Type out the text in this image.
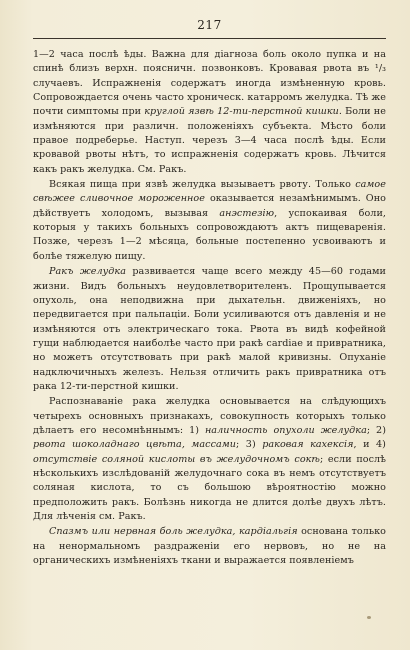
217

1—2 часа послѣ ѣды. Важна для діагноза боль около пупка и на спинѣ близъ верхн. поясничн. позвонковъ. Кровавая рвота въ ¹/₃ случаевъ. Испражненія содержатъ иногда измѣненную кровь. Сопровождается очень часто хроническ. катарромъ желудка. Тѣ же почти симптомы при круглой язвѣ 12-ти-перстной кишки. Боли не измѣняются при различн. положеніяхъ субъекта. Мѣсто боли правое подреберье. Наступ. черезъ 3—4 часа послѣ ѣды. Если кровавой рвоты нѣтъ, то испражненія содержатъ кровь. Лѣчится какъ ракъ желудка. См. Ракъ.

Всякая пища при язвѣ желудка вызываетъ рвоту. Только самое свѣжее сливочное мороженное оказывается незамѣнимымъ. Оно дѣйствуетъ холодомъ, вызывая анэстезію, успокаивая боли, которыя у такихъ больныхъ сопровождаютъ актъ пищеваренія. Позже, черезъ 1—2 мѣсяца, больные постепенно усвоиваютъ и болѣе тяжелую пищу.

Ракъ желудка развивается чаще всего между 45—60 годами жизни. Видъ больныхъ неудовлетворителенъ. Прощупывается опухоль, она неподвижна при дыхательн. движеніяхъ, но передвигается при пальпаціи. Боли усиливаются отъ давленія и не измѣняются отъ электрическаго тока. Рвота въ видѣ кофейной гущи наблюдается наиболѣе часто при ракѣ cardiae и привратника, но можетъ отсутствовать при ракѣ малой кривизны. Опуханіе надключичныхъ железъ. Нельзя отличить ракъ привратника отъ рака 12-ти-перстной кишки.

Распознаваніе рака желудка основывается на слѣдующихъ четырехъ основныхъ признакахъ, совокупность которыхъ только дѣлаетъ его несомнѣннымъ: 1) наличность опухоли желудка; 2) рвота шоколаднаго цвѣта, массами; 3) раковая кахексія, и 4) отсутствіе соляной кислоты въ желудочномъ сокѣ; если послѣ нѣсколькихъ изслѣдованій желудочнаго сока въ немъ отсутствуетъ соляная кислота, то съ большою вѣроятностію можно предположить ракъ. Болѣзнь никогда не длится долѣе двухъ лѣтъ. Для лѣченія см. Ракъ.

Спазмъ или нервная боль желудка, кардіальгія основана только на ненормальномъ раздраженіи его нервовъ, но не на органическихъ измѣненіяхъ ткани и выражается появленіемъ
